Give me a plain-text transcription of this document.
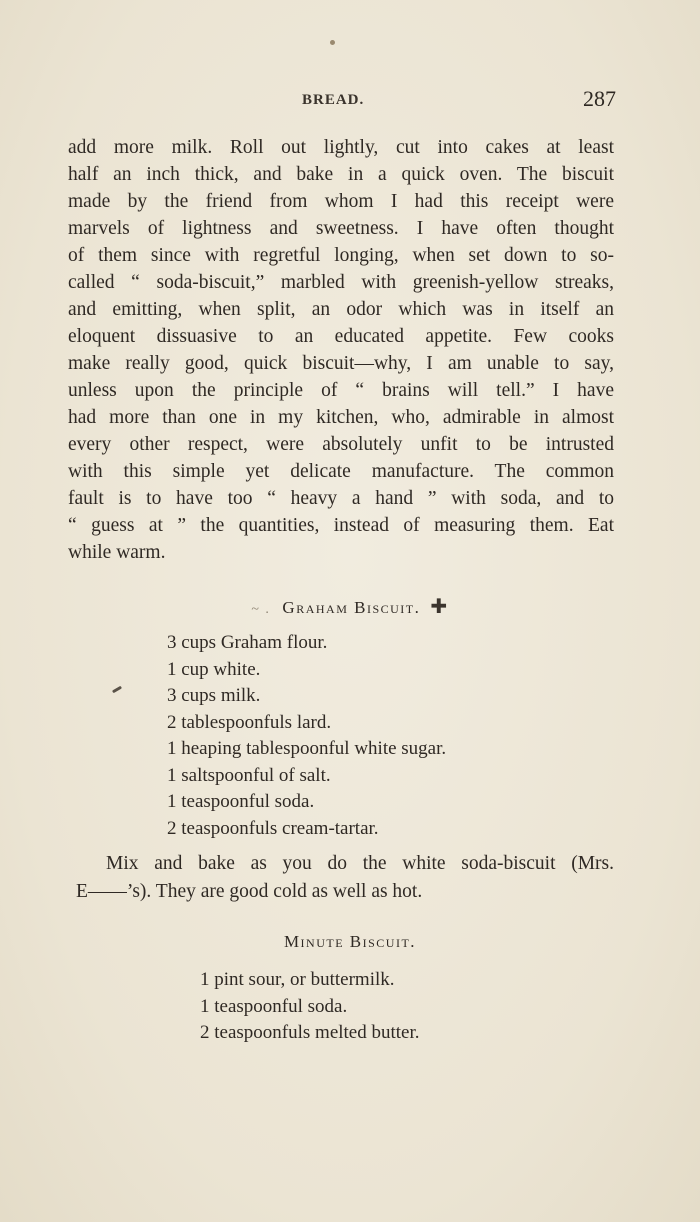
BREAD.	287
add more milk. Roll out lightly, cut into cakes at least
half an inch thick, and bake in a quick oven. The biscuit
made by the friend from whom I had this receipt were
marvels of lightness and sweetness. I have often thought
of them since with regretful longing, when set down to so-
called “ soda-biscuit,” marbled with greenish-yellow streaks,
and emitting, when split, an odor which was in itself an
eloquent dissuasive to an educated appetite. Few cooks
make really good, quick biscuit—why, I am unable to say,
unless upon the principle of “ brains will tell.” I have
had more than one in my kitchen, who, admirable in almost
every other respect, were absolutely unfit to be intrusted
with this simple yet delicate manufacture. The common
fault is to have too “ heavy a hand ” with soda, and to
“ guess at ” the quantities, instead of measuring them. Eat
while warm.
~ . Graham Biscuit. ✚
3 cups Graham flour.
1 cup white.
3 cups milk.
2 tablespoonfuls lard.
1 heaping tablespoonful white sugar.
1 saltspoonful of salt.
1 teaspoonful soda.
2 teaspoonfuls cream-tartar.
Mix and bake as you do the white soda-biscuit (Mrs.
E——’s). They are good cold as well as hot.
Minute Biscuit.
1 pint sour, or buttermilk.
1 teaspoonful soda.
2 teaspoonfuls melted butter.
